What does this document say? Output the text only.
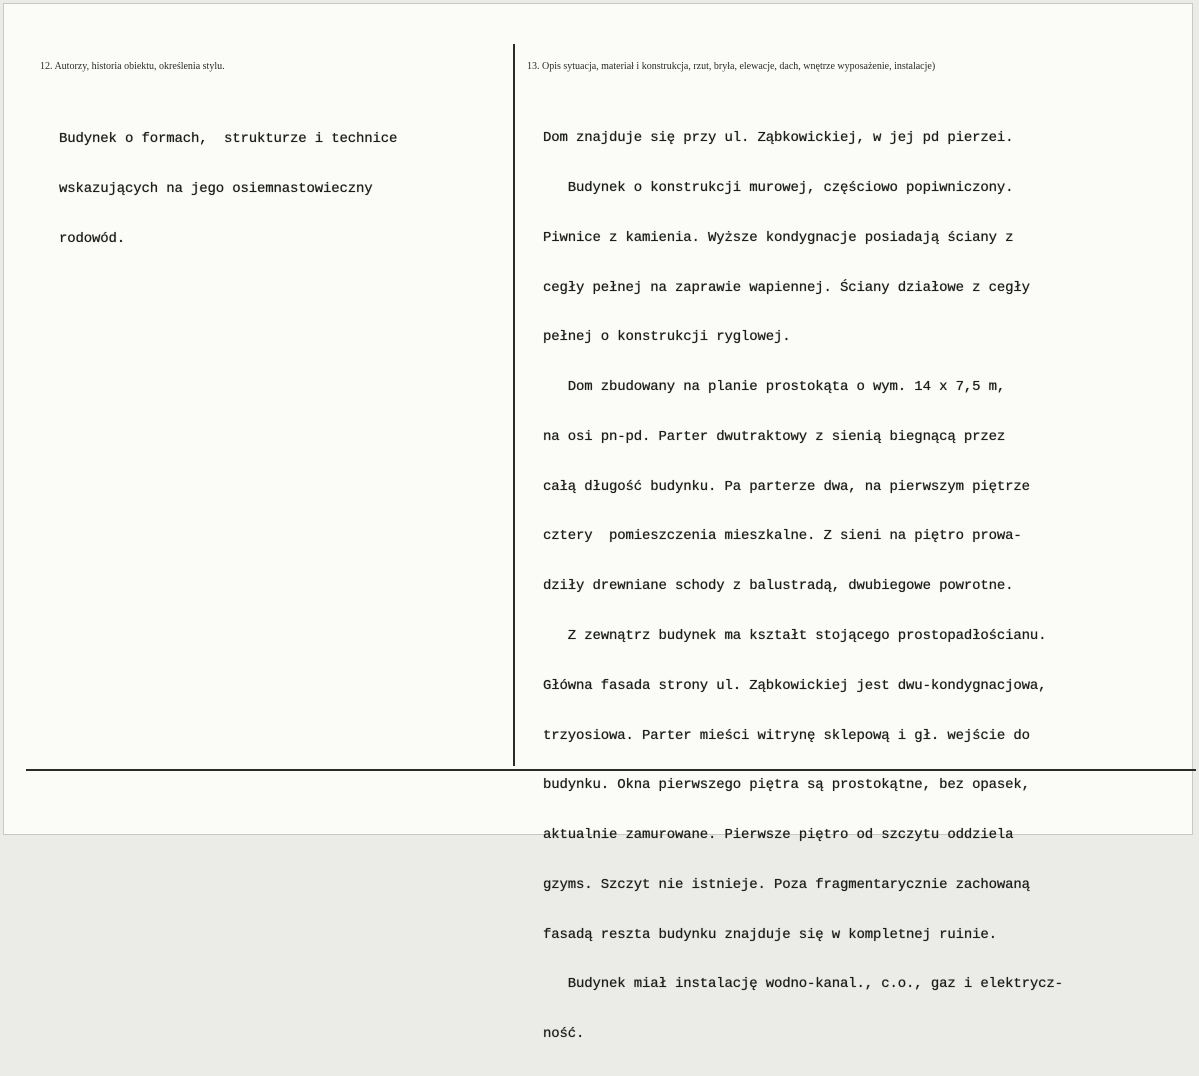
12. Autorzy, historia obiektu, określenia stylu.	13. Opis sytuacja, materiał i konstrukcja, rzut, bryła, elewacje, dach, wnętrze wyposażenie, instalacje)

Budynek o formach,  strukturze i technice

wskazujących na jego osiemnastowieczny

rodowód.

Dom znajduje się przy ul. Ząbkowickiej, w jej pd pierzei.

Budynek o konstrukcji murowej, częściowo popiwniczony.

Piwnice z kamienia. Wyższe kondygnacje posiadają ściany z

cegły pełnej na zaprawie wapiennej. Ściany działowe z cegły

pełnej o konstrukcji ryglowej.

Dom zbudowany na planie prostokąta o wym. 14 x 7,5 m,

na osi pn-pd. Parter dwutraktowy z sienią biegnącą przez

całą długość budynku. Pa parterze dwa, na pierwszym piętrze

cztery  pomieszczenia mieszkalne. Z sieni na piętro prowa-

dziły drewniane schody z balustradą, dwubiegowe powrotne.

Z zewnątrz budynek ma kształt stojącego prostopadłościanu.

Główna fasada strony ul. Ząbkowickiej jest dwu-kondygnacjowa,

trzyosiowa. Parter mieści witrynę sklepową i gł. wejście do

budynku. Okna pierwszego piętra są prostokątne, bez opasek,

aktualnie zamurowane. Pierwsze piętro od szczytu oddziela

gzyms. Szczyt nie istnieje. Poza fragmentarycznie zachowaną

fasadą reszta budynku znajduje się w kompletnej ruinie.

Budynek miał instalację wodno-kanal., c.o., gaz i elektrycz-

ność.
